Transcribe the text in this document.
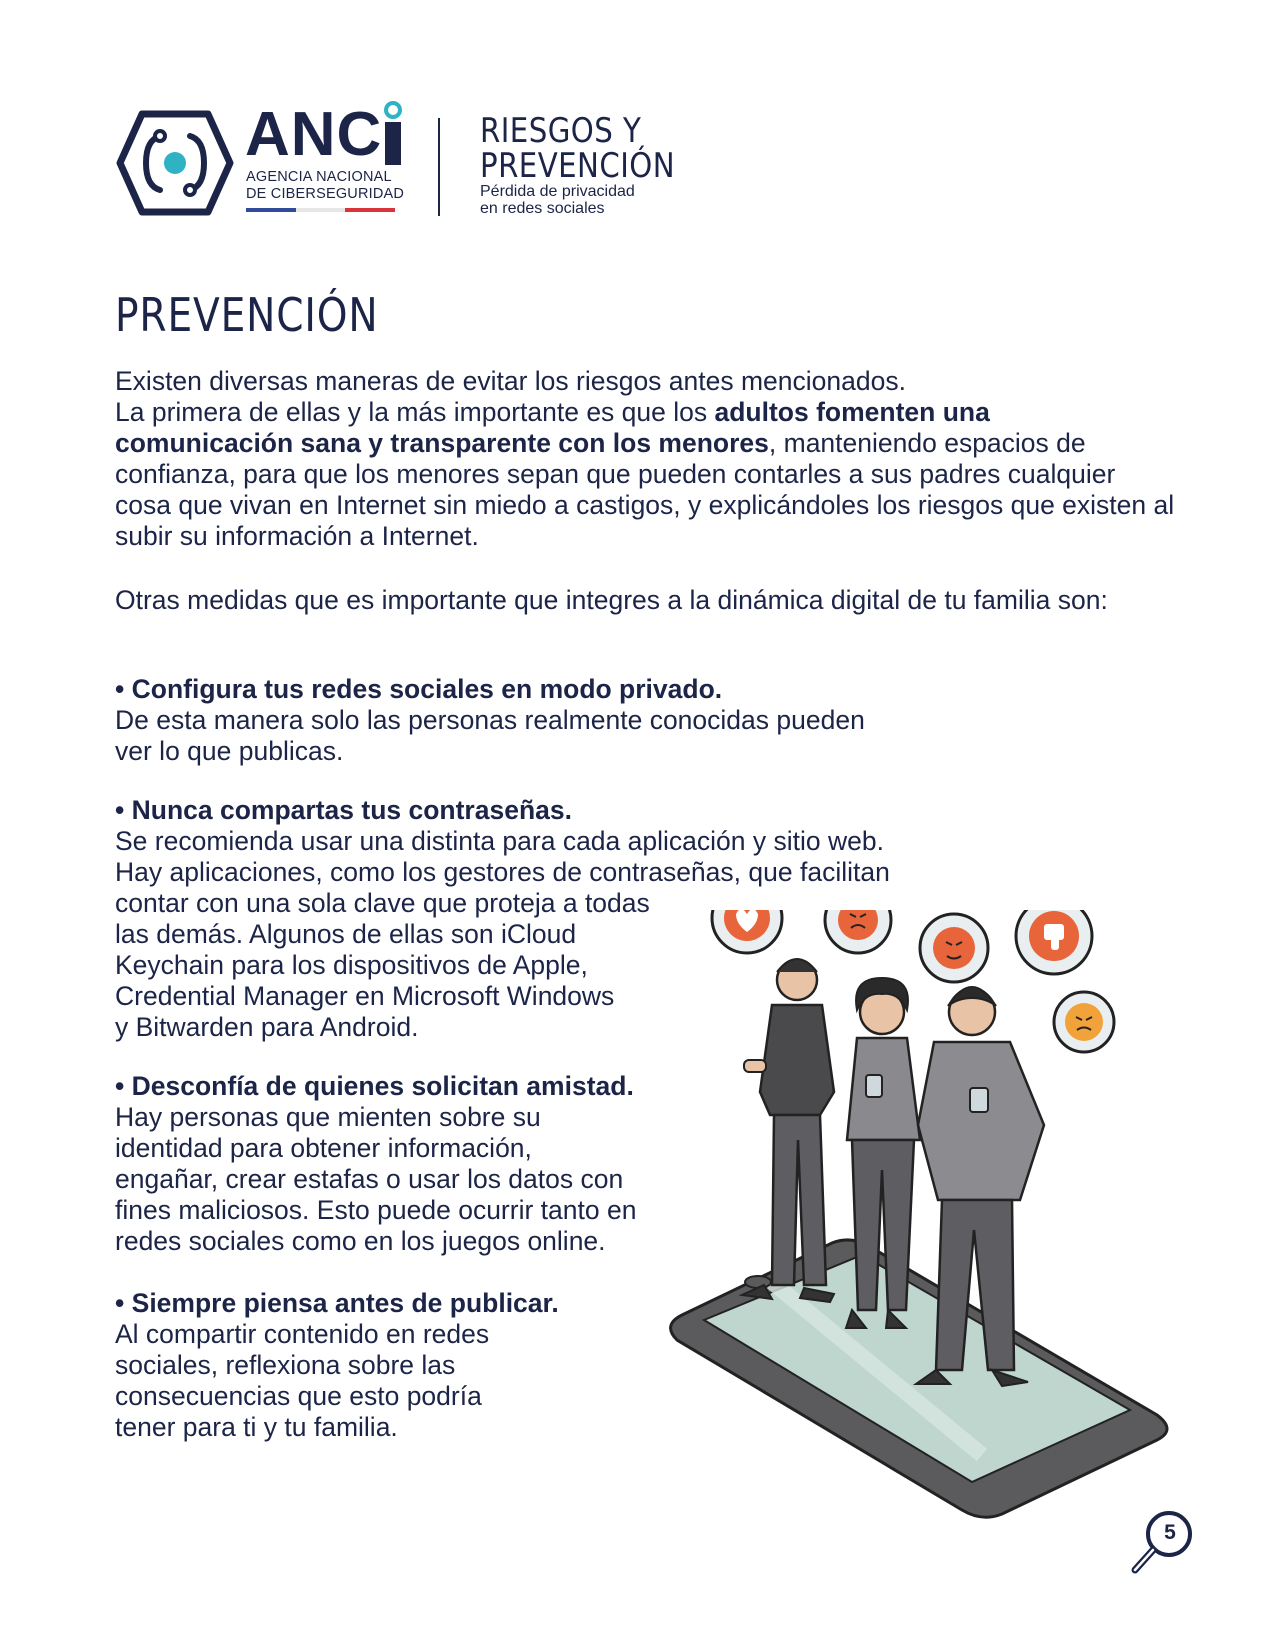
ANC
AGENCIA NACIONAL
DE CIBERSEGURIDAD
RIESGOS Y
PREVENCIÓN
Pérdida de privacidad
en redes sociales
PREVENCIÓN
Existen diversas maneras de evitar los riesgos antes mencionados.
La primera de ellas y la más importante es que los adultos fomenten una comunicación sana y transparente con los menores, manteniendo espacios de confianza, para que los menores sepan que pueden contarles a sus padres cualquier cosa que vivan en Internet sin miedo a castigos, y explicándoles los riesgos que existen al subir su información a Internet.
Otras medidas que es importante que integres a la dinámica digital de tu familia son:
• Configura tus redes sociales en modo privado.
De esta manera solo las personas realmente conocidas pueden
ver lo que publicas.
• Nunca compartas tus contraseñas.
Se recomienda usar una distinta para cada aplicación y sitio web.
Hay aplicaciones, como los gestores de contraseñas, que facilitan
contar con una sola clave que proteja a todas
las demás. Algunos de ellas son iCloud
Keychain para los dispositivos de Apple,
Credential Manager en Microsoft Windows
y Bitwarden para Android.
• Desconfía de quienes solicitan amistad.
Hay personas que mienten sobre su
identidad para obtener información,
engañar, crear estafas o usar los datos con
fines maliciosos. Esto puede ocurrir tanto en
redes sociales como en los juegos online.
• Siempre piensa antes de publicar.
Al compartir contenido en redes
sociales, reflexiona sobre las
consecuencias que esto podría
tener para ti y tu familia.
5
